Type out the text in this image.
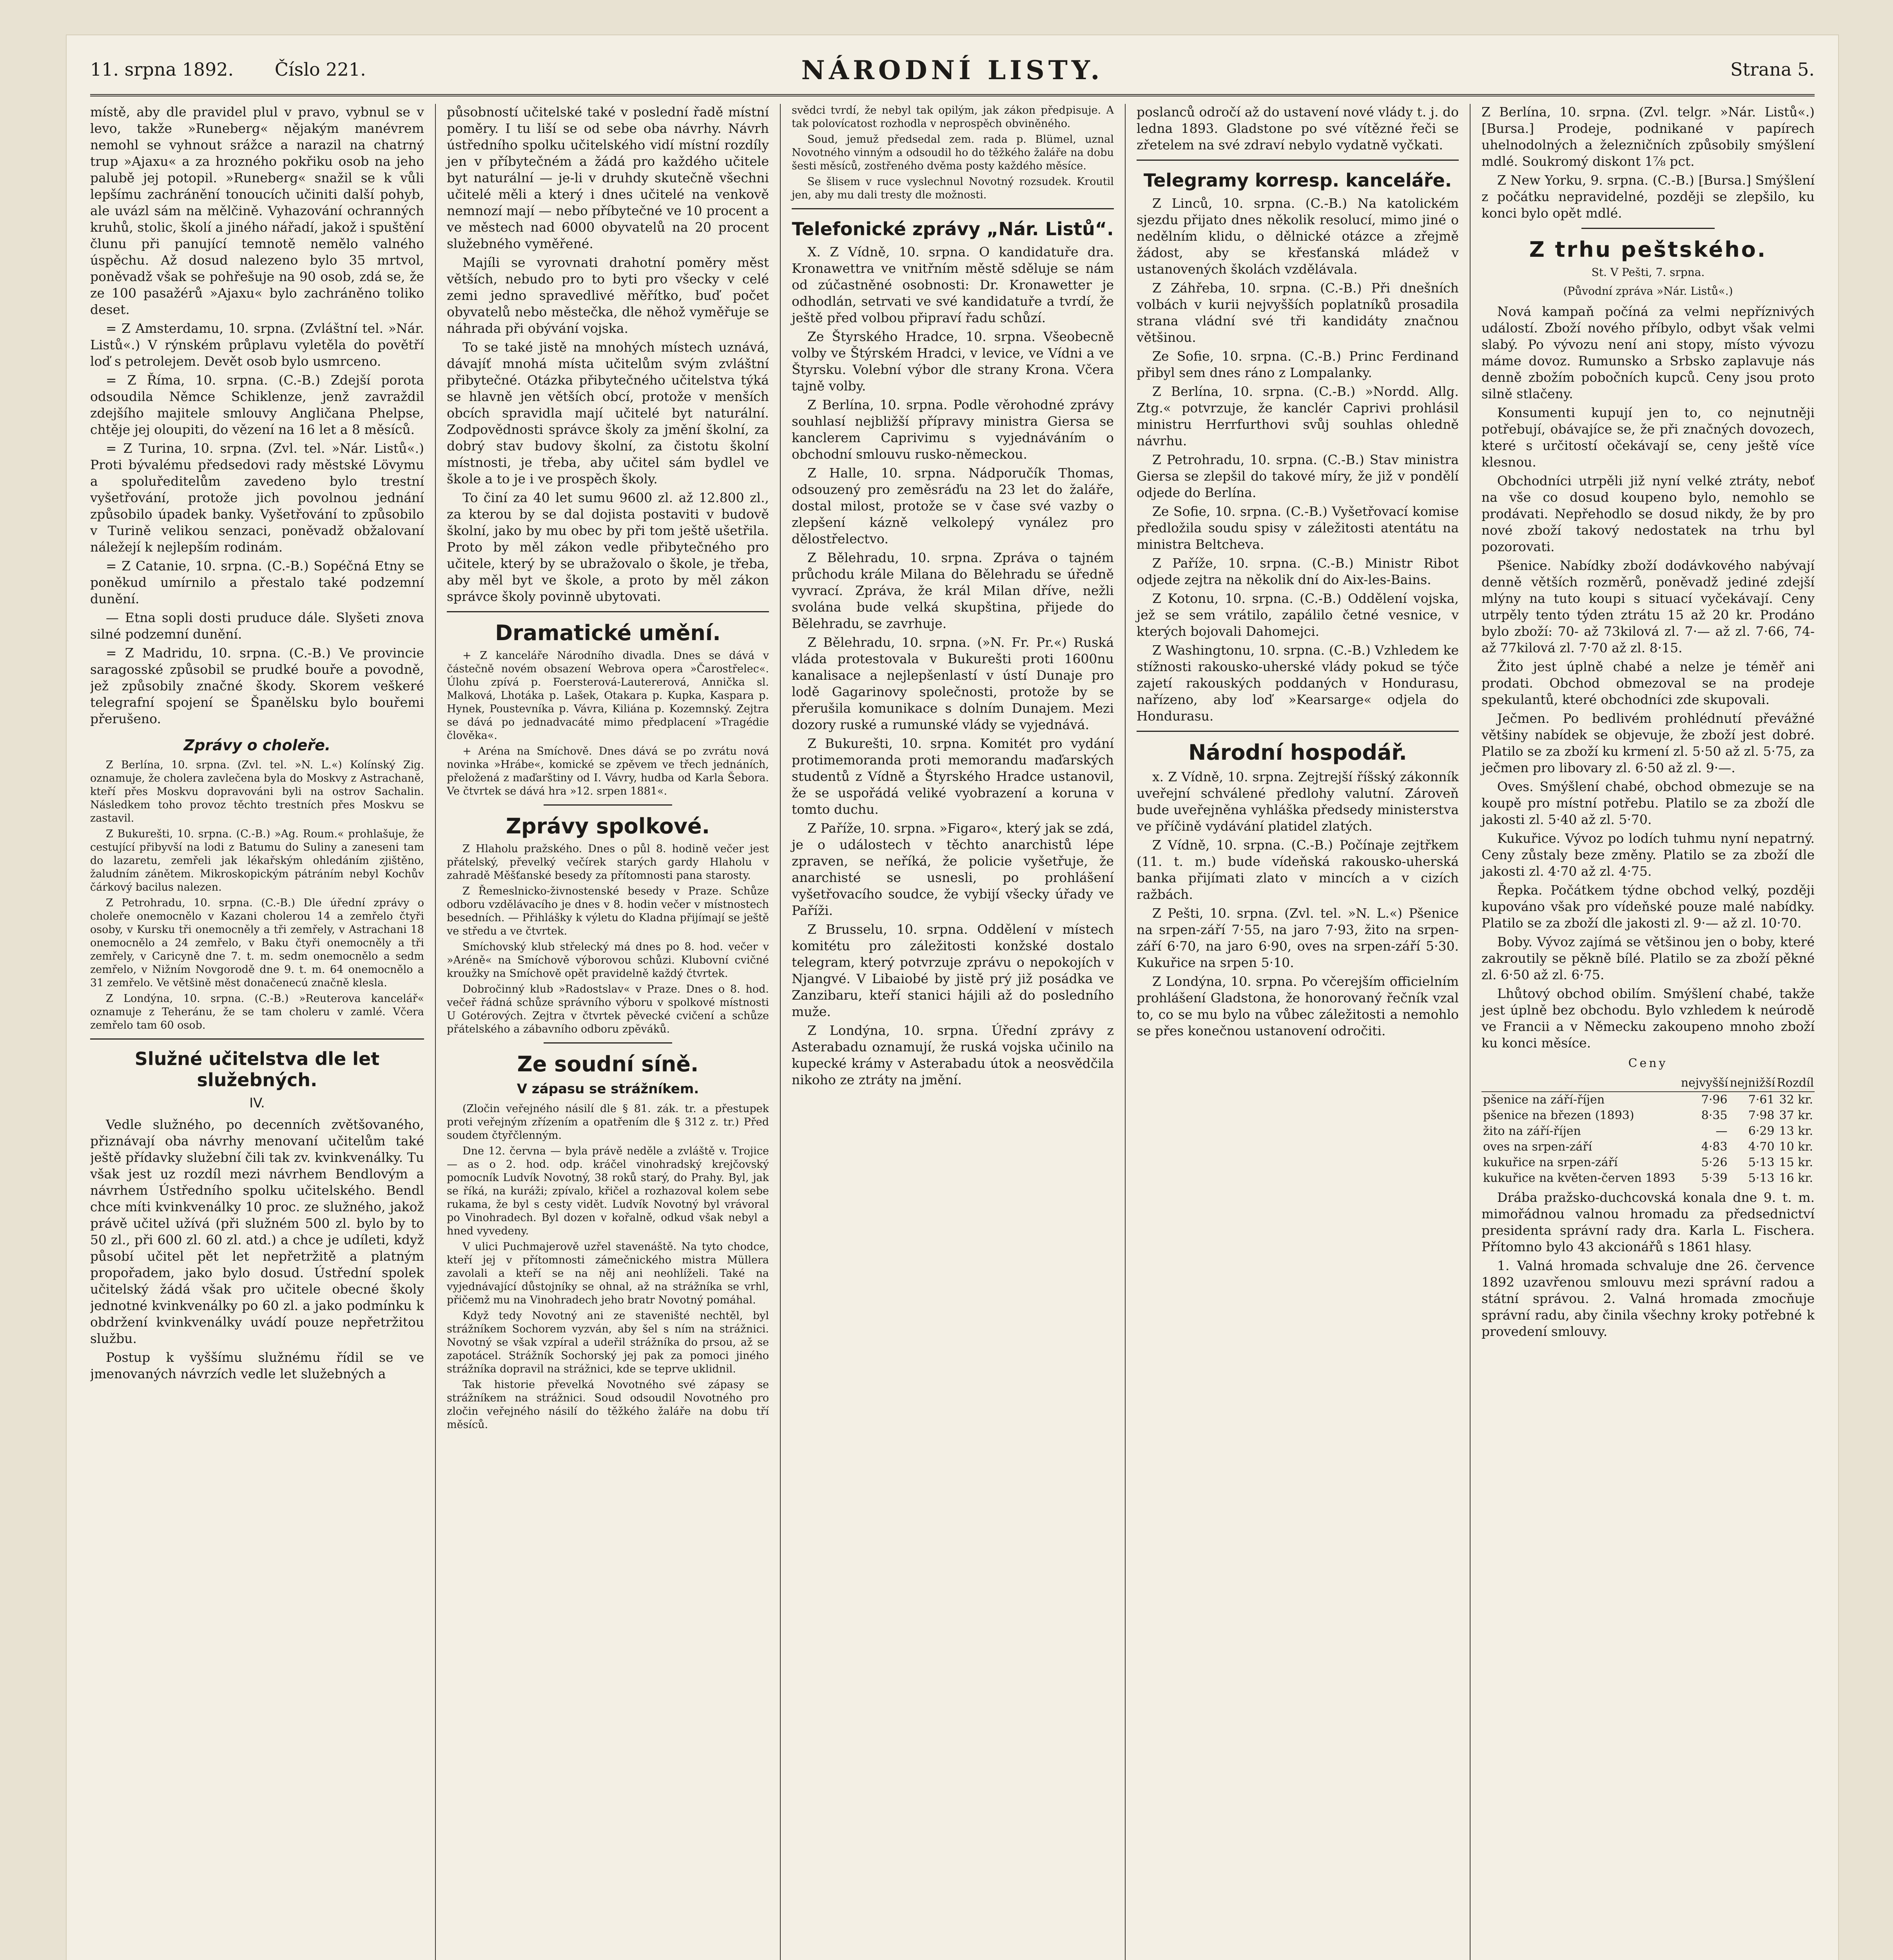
11. srpna 1892. Číslo 221.	NÁRODNÍ LISTY.	Strana 5.

místě, aby dle pravidel plul v pravo, vybnul se v levo, takže »Runeberg« nějakým manévrem nemohl se vyhnout srážce a narazil na chatrný trup »Ajaxu« a za hrozného pokřiku osob na jeho palubě jej potopil. »Runeberg« snažil se k vůli lepšímu zachránění tonoucích učiniti další pohyb, ale uvázl sám na mělčině. Vyhazování ochranných kruhů, stolic, školí a jiného nářadí, jakož i spuštění člunu při panující temnotě nemělo valného úspěchu. Až dosud nalezeno bylo 35 mrtvol, poněvadž však se pohřešuje na 90 osob, zdá se, že ze 100 pasažérů »Ajaxu« bylo zachráněno toliko deset.

= Z Amsterdamu, 10. srpna. (Zvláštní tel. »Nár. Listů«.) V rýnském průplavu vyletěla do povětří loď s petrolejem. Devět osob bylo usmrceno.

= Z Říma, 10. srpna. (C.-B.) Zdejší porota odsoudila Němce Schiklenze, jenž zavraždil zdejšího majitele smlouvy Angličana Phelpse, chtěje jej oloupiti, do vězení na 16 let a 8 měsíců.

= Z Turina, 10. srpna. (Zvl. tel. »Nár. Listů«.) Proti bývalému předsedovi rady městské Lövymu a spoluředitelům zavedeno bylo trestní vyšetřování, protože jich povolnou jednání způsobilo úpadek banky. Vyšetřování to způsobilo v Turině velikou senzaci, poněvadž obžalovaní náležejí k nejlepším rodinám.

= Z Catanie, 10. srpna. (C.-B.) Sopéčná Etny se poněkud umírnilo a přestalo také podzemní dunění.

— Etna sopli dosti pruduce dále. Slyšeti znova silné podzemní dunění.

= Z Madridu, 10. srpna. (C.-B.) Ve provincie saragosské způsobil se prudké bouře a povodně, jež způsobily značné škody. Skorem veškeré telegrafní spojení se Španělsku bylo bouřemi přerušeno.

Zprávy o choleře.

Z Berlína, 10. srpna. (Zvl. tel. »N. L.«) Kolínský Zig. oznamuje, že cholera zavlečena byla do Moskvy z Astrachaně, kteří přes Moskvu dopravováni byli na ostrov Sachalin. Následkem toho provoz těchto trestních přes Moskvu se zastavil.

Z Bukurešti, 10. srpna. (C.-B.) »Ag. Roum.« prohlašuje, že cestující přibyvší na lodi z Batumu do Suliny a zaneseni tam do lazaretu, zemřeli jak lékařským ohledáním zjištěno, žaludním zánětem. Mikroskopickým pátráním nebyl Kochův čárkový bacilus nalezen.

Z Petrohradu, 10. srpna. (C.-B.) Dle úřední zprávy o choleře onemocnělo v Kazani cholerou 14 a zemřelo čtyři osoby, v Kursku tři onemocněly a tři zemřely, v Astrachani 18 onemocnělo a 24 zemřelo, v Baku čtyři onemocněly a tři zemřely, v Caricyně dne 7. t. m. sedm onemocnělo a sedm zemřelo, v Nižním Novgorodě dne 9. t. m. 64 onemocnělo a 31 zemřelo. Ve většině měst donačenecú značně klesla.

Z Londýna, 10. srpna. (C.-B.) »Reuterova kancelář« oznamuje z Teheránu, že se tam choleru v zamlé. Včera zemřelo tam 60 osob.

Služné učitelstva dle let služebných.
IV.

Vedle služného, po decenních zvětšovaného, přiznávají oba návrhy menovaní učitelům také ještě přídavky služební čili tak zv. kvinkvenálky. Tu však jest uz rozdíl mezi návrhem Bendlovým a návrhem Ústředního spolku učitelského. Bendl chce míti kvinkvenálky 10 proc. ze služného, jakož právě učitel užívá (při služném 500 zl. bylo by to 50 zl., při 600 zl. 60 zl. atd.) a chce je udíleti, když působí učitel pět let nepřetržitě a platným propořadem, jako bylo dosud. Ústřední spolek učitelský žádá však pro učitele obecné školy jednotné kvinkvenálky po 60 zl. a jako podmínku k obdržení kvinkvenálky uvádí pouze nepřetržitou službu.

Postup k vyššímu služnému řídil se ve jmenovaných návrzích vedle let služebných a

působností učitelské také v poslední řadě místní poměry. I tu liší se od sebe oba návrhy. Návrh ústředního spolku učitelského vidí místní rozdíly jen v příbytečném a žádá pro každého učitele byt naturální — je-li v druhdy skutečně všechni učitelé měli a který i dnes učitelé na venkově nemnozí mají — nebo příbytečné ve 10 procent a ve městech nad 6000 obyvatelů na 20 procent služebného vyměřené.

Majíli se vyrovnati drahotní poměry měst větších, nebudo pro to byti pro všecky v celé zemi jedno spravedlivé měřítko, buď počet obyvatelů nebo městečka, dle něhož vyměřuje se náhrada při obývání vojska.

To se také jistě na mnohých místech uznává, dávajíť mnohá místa učitelům svým zvláštní přibytečné. Otázka přibytečného učitelstva týká se hlavně jen větších obcí, protože v menších obcích spravidla mají učitelé byt naturální. Zodpovědnosti správce školy za jmění školní, za dobrý stav budovy školní, za čistotu školní místnosti, je třeba, aby učitel sám bydlel ve škole a to je i ve prospěch školy.

To činí za 40 let sumu 9600 zl. až 12.800 zl., za kterou by se dal dojista postaviti v budově školní, jako by mu obec by při tom ještě ušetřila. Proto by měl zákon vedle přibytečného pro učitele, který by se ubražovalo o škole, je třeba, aby měl byt ve škole, a proto by měl zákon správce školy povinně ubytovati.

Dramatické umění.

+ Z kanceláře Národního divadla. Dnes se dává v částečně novém obsazení Webrova opera »Čarostřelec«. Úlohu zpívá p. Foersterová-Lautererová, Annička sl. Malková, Lhotáka p. Lašek, Otakara p. Kupka, Kaspara p. Hynek, Poustevníka p. Vávra, Kiliána p. Kozemnský. Zejtra se dává po jednadvacáté mimo předplacení »Tragédie člověka«.

+ Aréna na Smíchově. Dnes dává se po zvrátu nová novinka »Hrábe«, komické se zpěvem ve třech jednáních, přeložená z maďarštiny od I. Vávry, hudba od Karla Šebora. Ve čtvrtek se dává hra »12. srpen 1881«.

Zprávy spolkové.

Z Hlaholu pražského. Dnes o půl 8. hodině večer jest přátelský, převelký večírek starých gardy Hlaholu v zahradě Měšťanské besedy za přítomnosti pana starosty.

Z Řemeslnicko-živnostenské besedy v Praze. Schůze odboru vzdělávacího je dnes v 8. hodin večer v místnostech besedních. — Přihlášky k výletu do Kladna přijímají se ještě ve středu a ve čtvrtek.

Smíchovský klub střelecký má dnes po 8. hod. večer v »Aréně« na Smíchově výborovou schůzi. Klubovní cvičné kroužky na Smíchově opět pravidelně každý čtvrtek.

Dobročinný klub »Radostslav« v Praze. Dnes o 8. hod. večeř řádná schůze správního výboru v spolkové místnosti U Gotérových. Zejtra v čtvrtek pěvecké cvičení a schůze přátelského a zábavního odboru zpěváků.

Ze soudní síně.
V zápasu se strážníkem.

(Zločin veřejného násilí dle § 81. zák. tr. a přestupek proti veřejným zřízením a opatřením dle § 312 z. tr.) Před soudem čtyřčlenným.

Dne 12. června — byla právě neděle a zvláště v. Trojice — as o 2. hod. odp. kráčel vinohradský krejčovský pomocník Ludvík Novotný, 38 roků starý, do Prahy. Byl, jak se říká, na kuráži; zpívalo, křičel a rozhazoval kolem sebe rukama, že byl s cesty vidět. Ludvík Novotný byl vrávoral po Vinohradech. Byl dozen v kořalně, odkud však nebyl a hned vyvedeny.

V ulici Puchmajerově uzřel stavenáště. Na tyto chodce, kteří jej v přítomnosti zámečnického mistra Müllera zavolali a kteří se na něj ani neohlíželi. Také na vyjednávající důstojníky se ohnal, až na strážníka se vrhl, přičemž mu na Vinohradech jeho bratr Novotný pomáhal.

Když tedy Novotný ani ze staveništé nechtěl, byl strážníkem Sochorem vyzván, aby šel s ním na strážnici. Novotný se však vzpíral a udeřil strážníka do prsou, až se zapotácel. Strážník Sochorský jej pak za pomoci jiného strážníka dopravil na strážnici, kde se teprve uklidnil.

Tak historie převelká Novotného své zápasy se strážníkem na strážnici. Soud odsoudil Novotného pro zločin veřejného násilí do těžkého žaláře na dobu tří měsíců.

svědci tvrdí, že nebyl tak opilým, jak zákon předpisuje. A tak polovícatost rozhodla v neprospěch obviněného.

Soud, jemuž předsedal zem. rada p. Blümel, uznal Novotného vinným a odsoudil ho do těžkého žaláře na dobu šesti měsíců, zostřeného dvěma posty každého měsíce.

Se šlisem v ruce vyslechnul Novotný rozsudek. Kroutil jen, aby mu dali tresty dle možnosti.

Telefonické zprávy „Nár. Listů“.

X. Z Vídně, 10. srpna. O kandidatuře dra. Kronawettra ve vnitřním městě sděluje se nám od zúčastněné osobnosti: Dr. Kronawetter je odhodlán, setrvati ve své kandidatuře a tvrdí, že ještě před volbou připraví řadu schůzí.

Ze Štyrského Hradce, 10. srpna. Všeobecně volby ve Štýrském Hradci, v levice, ve Vídni a ve Štyrsku. Volební výbor dle strany Krona. Včera tajně volby.

Z Berlína, 10. srpna. Podle věrohodné zprávy souhlasí nejbližší přípravy ministra Giersa se kanclerem Caprivimu s vyjednáváním o obchodní smlouvu rusko-německou.

Z Halle, 10. srpna. Nádporučík Thomas, odsouzený pro zeměsráďu na 23 let do žaláře, dostal milost, protože se v čase své vazby o zlepšení kázně velkolepý vynález pro dělostřelectvo.

Z Bělehradu, 10. srpna. Zpráva o tajném průchodu krále Milana do Bělehradu se úředně vyvrací. Zpráva, že král Milan dříve, nežli svolána bude velká skupština, přijede do Bělehradu, se zavrhuje.

Z Bělehradu, 10. srpna. (»N. Fr. Pr.«) Ruská vláda protestovala v Bukurešti proti 1600nu kanalisace a nejlepšenlastí v ústí Dunaje pro lodě Gagarinovy společnosti, protože by se přerušila komunikace s dolním Dunajem. Mezi dozory ruské a rumunské vlády se vyjednává.

Z Bukurešti, 10. srpna. Komitét pro vydání protimemoranda proti memorandu maďarských studentů z Vídně a Štyrského Hradce ustanovil, že se uspořádá veliké vyobrazení a koruna v tomto duchu.

Z Paříže, 10. srpna. »Figaro«, který jak se zdá, je o událostech v těchto anarchistů lépe zpraven, se neříká, že policie vyšetřuje, že anarchisté se usnesli, po prohlášení vyšetřovacího soudce, že vybijí všecky úřady ve Paříži.

Z Brusselu, 10. srpna. Oddělení v místech komitétu pro záležitosti konžské dostalo telegram, který potvrzuje zprávu o nepokojích v Njangvé. V Libaiobé by jistě prý již posádka ve Zanzibaru, kteří stanici hájili až do posledního muže.

Z Londýna, 10. srpna. Úřední zprávy z Asterabadu oznamují, že ruská vojska učinilo na kupecké krámy v Asterabadu útok a neosvědčila nikoho ze ztráty na jmění.

poslanců odročí až do ustavení nové vlády t. j. do ledna 1893. Gladstone po své vítězné řeči se zřetelem na své zdraví nebylo vydatně vyčkati.

Telegramy korresp. kanceláře.

Z Linců, 10. srpna. (C.-B.) Na katolickém sjezdu přijato dnes několik resolucí, mimo jiné o nedělním klidu, o dělnické otázce a zřejmě žádost, aby se křesťanská mládež v ustanovených školách vzdělávala.

Z Záhřeba, 10. srpna. (C.-B.) Při dnešních volbách v kurii nejvyšších poplatníků prosadila strana vládní své tři kandidáty značnou většinou.

Ze Sofie, 10. srpna. (C.-B.) Princ Ferdinand přibyl sem dnes ráno z Lompalanky.

Z Berlína, 10. srpna. (C.-B.) »Nordd. Allg. Ztg.« potvrzuje, že kanclér Caprivi prohlásil ministru Herrfurthovi svůj souhlas ohledně návrhu.

Z Petrohradu, 10. srpna. (C.-B.) Stav ministra Giersa se zlepšil do takové míry, že již v pondělí odjede do Berlína.

Ze Sofie, 10. srpna. (C.-B.) Vyšetřovací komise předložila soudu spisy v záležitosti atentátu na ministra Beltcheva.

Z Paříže, 10. srpna. (C.-B.) Ministr Ribot odjede zejtra na několik dní do Aix-les-Bains.

Z Kotonu, 10. srpna. (C.-B.) Oddělení vojska, jež se sem vrátilo, zapálilo četné vesnice, v kterých bojovali Dahomejci.

Z Washingtonu, 10. srpna. (C.-B.) Vzhledem ke stížnosti rakousko-uherské vlády pokud se týče zajetí rakouských poddaných v Hondurasu, nařízeno, aby loď »Kearsarge« odjela do Hondurasu.

Národní hospodář.

x. Z Vídně, 10. srpna. Zejtrejší říšský zákonník uveřejní schválené předlohy valutní. Zároveň bude uveřejněna vyhláška předsedy ministerstva ve příčině vydávání platidel zlatých.

Z Vídně, 10. srpna. (C.-B.) Počínaje zejtřkem (11. t. m.) bude vídeňská rakousko-uherská banka přijímati zlato v mincích a v cizích ražbách.

Z Pešti, 10. srpna. (Zvl. tel. »N. L.«) Pšenice na srpen-září 7·55, na jaro 7·93, žito na srpen-září 6·70, na jaro 6·90, oves na srpen-září 5·30. Kukuřice na srpen 5·10.

Z Londýna, 10. srpna. Po včerejším officielním prohlášení Gladstona, že honorovaný řečník vzal to, co se mu bylo na vůbec záležitosti a nemohlo se přes konečnou ustanovení odročiti.

Z Berlína, 10. srpna. (Zvl. telgr. »Nár. Listů«.) [Bursa.] Prodeje, podnikané v papírech uhelnodolných a železničních způsobily smýšlení mdlé. Soukromý diskont 1⅞ pct.

Z New Yorku, 9. srpna. (C.-B.) [Bursa.] Smýšlení z počátku nepravidelné, později se zlepšilo, ku konci bylo opět mdlé.

Z trhu peštského.
St. V Pešti, 7. srpna.
(Původní zpráva »Nár. Listů«.)

Nová kampaň počíná za velmi nepříznivých událostí. Zboží nového příbylo, odbyt však velmi slabý. Po vývozu není ani stopy, místo vývozu máme dovoz. Rumunsko a Srbsko zaplavuje nás denně zbožím pobočních kupců. Ceny jsou proto silně stlačeny.

Konsumenti kupují jen to, co nejnutněji potřebují, obávajíce se, že při značných dovozech, které s určitostí očekávají se, ceny ještě více klesnou.

Obchodníci utrpěli již nyní velké ztráty, neboť na vše co dosud koupeno bylo, nemohlo se prodávati. Nepřehodlo se dosud nikdy, že by pro nové zboží takový nedostatek na trhu byl pozorovati.

Pšenice. Nabídky zboží dodávkového nabývají denně větších rozměrů, poněvadž jediné zdejší mlýny na tuto koupi s situací vyčekávají. Ceny utrpěly tento týden ztrátu 15 až 20 kr. Prodáno bylo zboží: 70- až 73kilová zl. 7·— až zl. 7·66, 74- až 77kilová zl. 7·70 až zl. 8·15.

Žito jest úplně chabé a nelze je téměř ani prodati. Obchod obmezoval se na prodeje spekulantů, které obchodníci zde skupovali.

Ječmen. Po bedlivém prohlédnutí převážné většiny nabídek se objevuje, že zboží jest dobré. Platilo se za zboží ku krmení zl. 5·50 až zl. 5·75, za ječmen pro libovary zl. 6·50 až zl. 9·—.

Oves. Smýšlení chabé, obchod obmezuje se na koupě pro místní potřebu. Platilo se za zboží dle jakosti zl. 5·40 až zl. 5·70.

Kukuřice. Vývoz po lodích tuhmu nyní nepatrný. Ceny zůstaly beze změny. Platilo se za zboží dle jakosti zl. 4·70 až zl. 4·75.

Řepka. Počátkem týdne obchod velký, později kupováno však pro vídeňské pouze malé nabídky. Platilo se za zboží dle jakosti zl. 9·— až zl. 10·70.

Boby. Vývoz zajímá se většinou jen o boby, které zakroutily se pěkně bílé. Platilo se za zboží pěkné zl. 6·50 až zl. 6·75.

Lhůtový obchod obilím. Smýšlení chabé, takže jest úplně bez obchodu. Bylo vzhledem k neúrodě ve Francii a v Německu zakoupeno mnoho zboží ku konci měsíce.

Ceny
	nejvyšší	nejnižší	Rozdíl
pšenice na září-říjen	7·96	7·61	32 kr.
pšenice na březen (1893)	8·35	7·98	37 kr.
žito na září-říjen	—	6·29	13 kr.
oves na srpen-září	4·83	4·70	10 kr.
kukuřice na srpen-září	5·26	5·13	15 kr.
kukuřice na květen-červen 1893	5·39	5·13	16 kr.

Drába pražsko-duchcovská konala dne 9. t. m. mimořádnou valnou hromadu za předsednictví presidenta správní rady dra. Karla L. Fischera. Přítomno bylo 43 akcionářů s 1861 hlasy.

1. Valná hromada schvaluje dne 26. července 1892 uzavřenou smlouvu mezi správní radou a státní správou. 2. Valná hromada zmocňuje správní radu, aby činila všechny kroky potřebné k provedení smlouvy.
